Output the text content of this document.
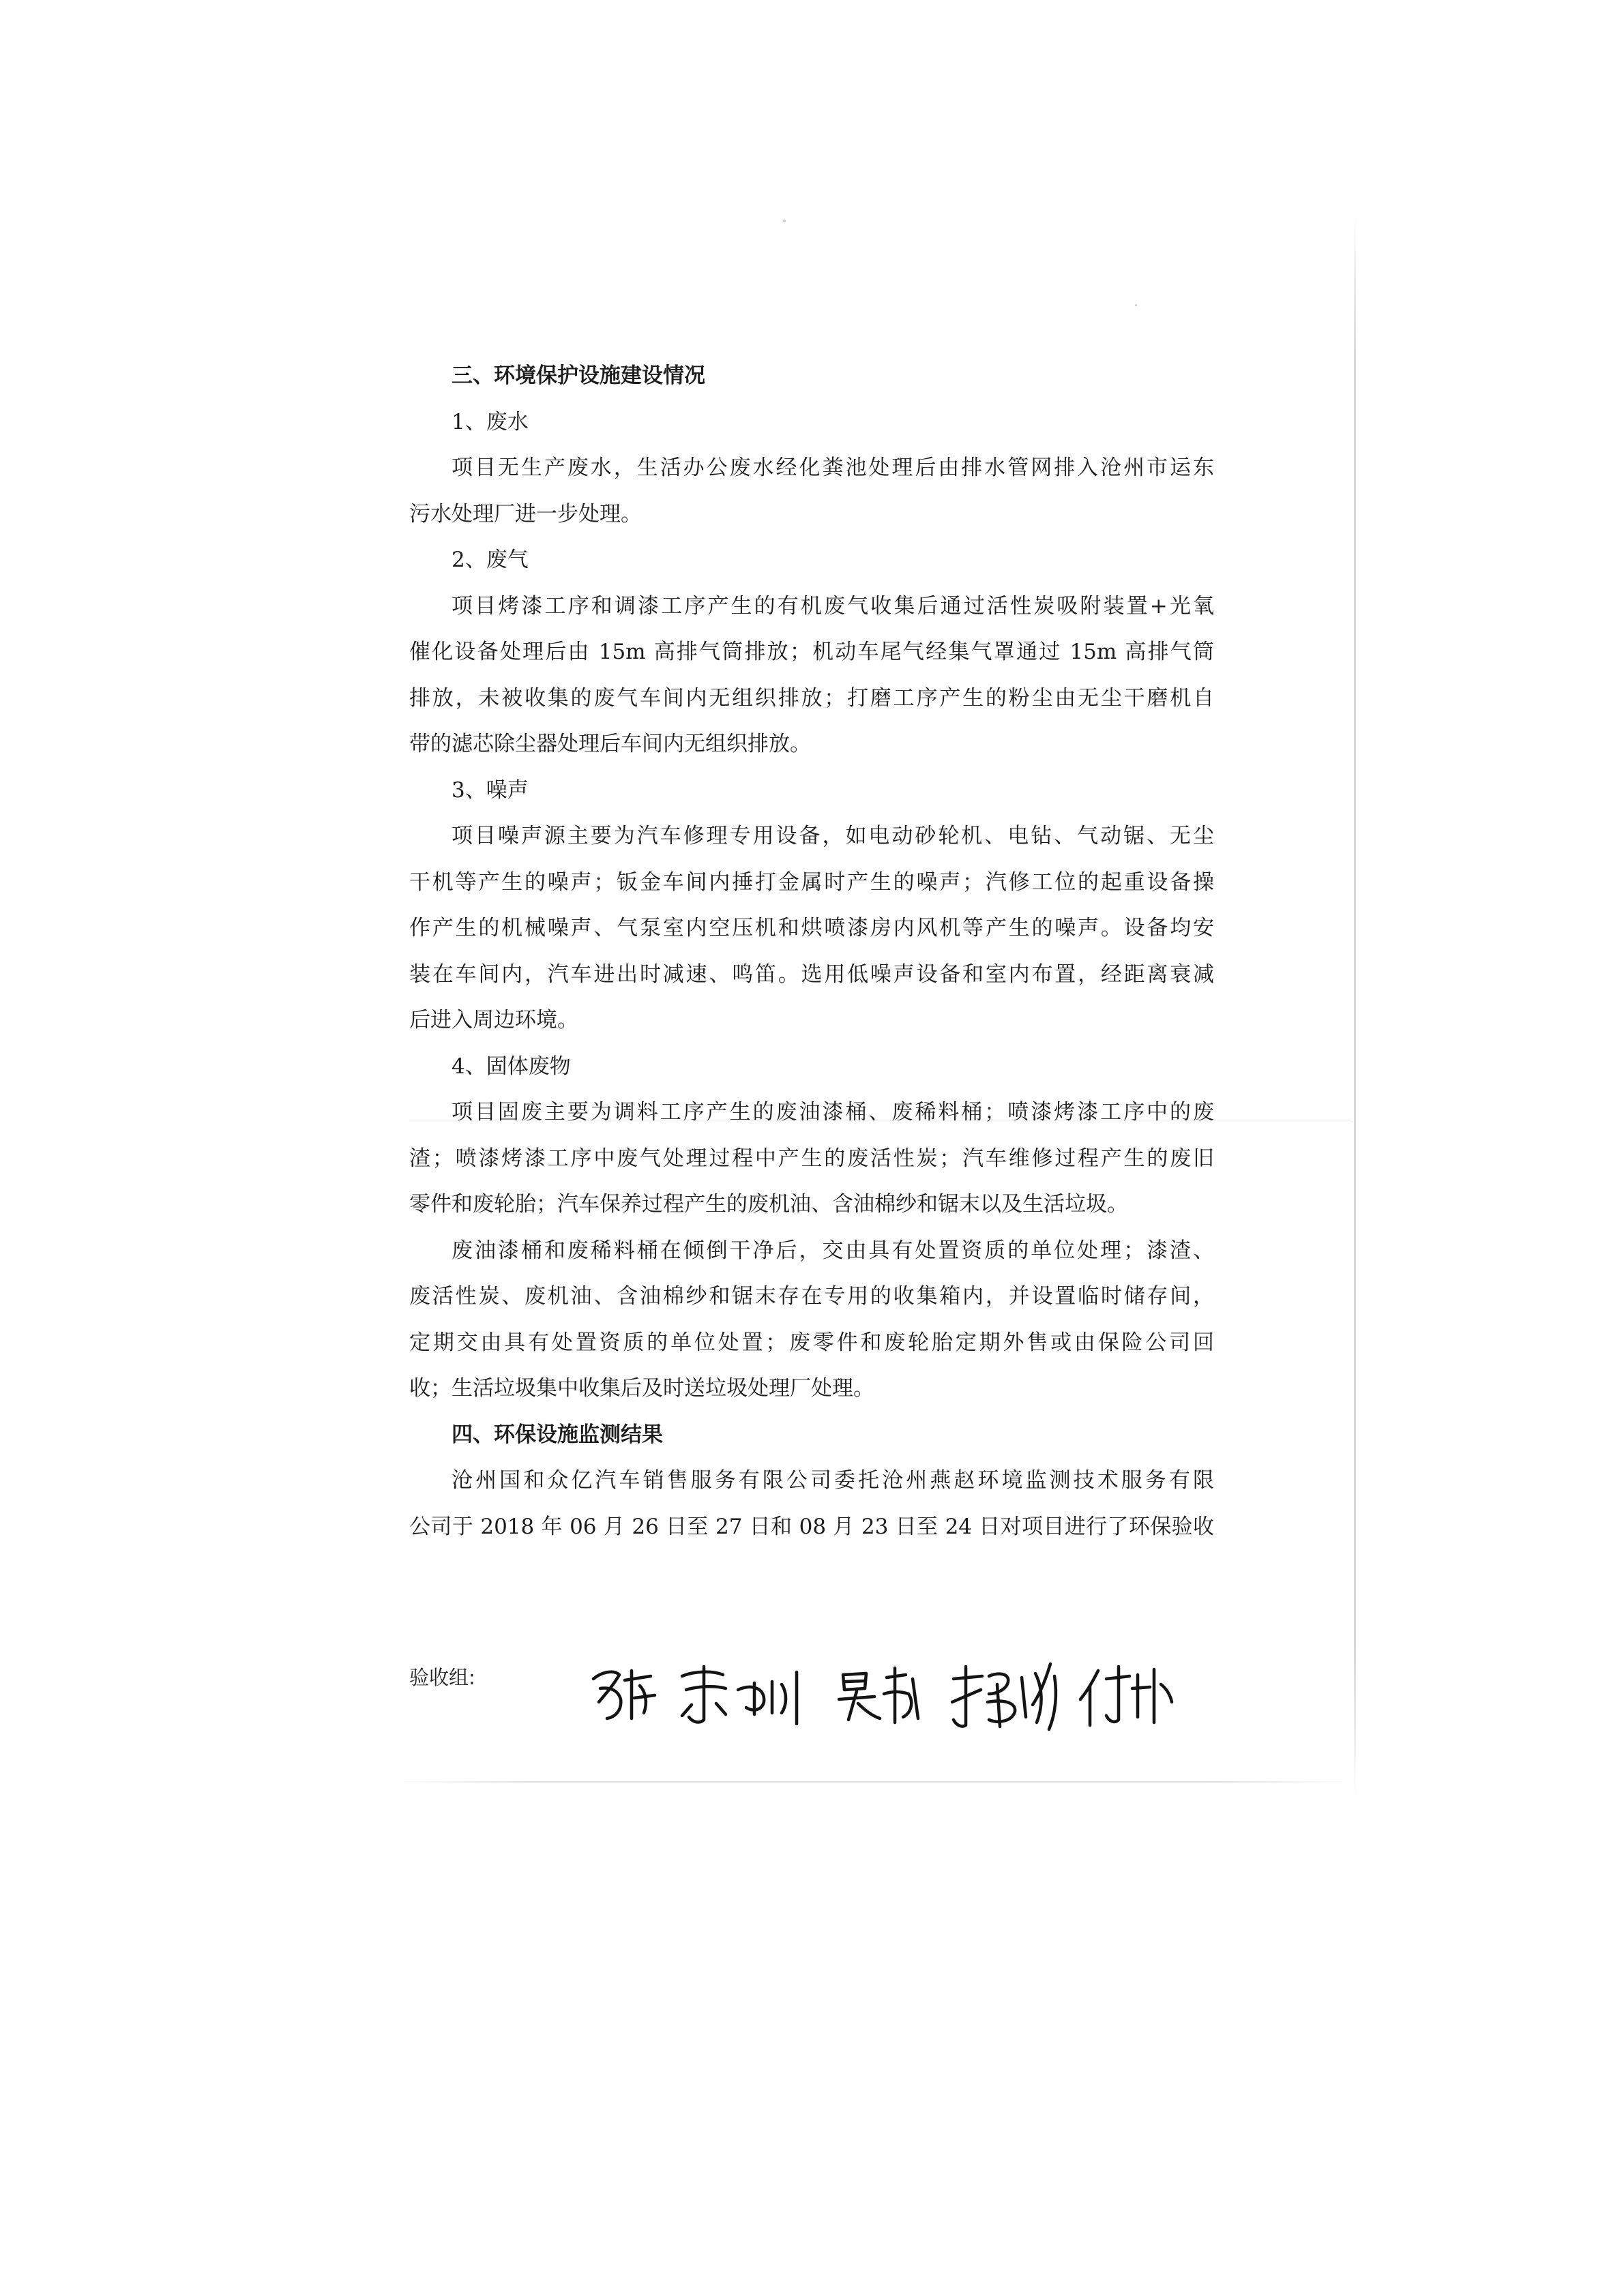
三、环境保护设施建设情况
1、废水
项目无生产废水，生活办公废水经化粪池处理后由排水管网排入沧州市运东
污水处理厂进一步处理。
2、废气
项目烤漆工序和调漆工序产生的有机废气收集后通过活性炭吸附装置+光氧
催化设备处理后由 15m 高排气筒排放；机动车尾气经集气罩通过 15m 高排气筒
排放，未被收集的废气车间内无组织排放；打磨工序产生的粉尘由无尘干磨机自
带的滤芯除尘器处理后车间内无组织排放。
3、噪声
项目噪声源主要为汽车修理专用设备，如电动砂轮机、电钻、气动锯、无尘
干机等产生的噪声；钣金车间内捶打金属时产生的噪声；汽修工位的起重设备操
作产生的机械噪声、气泵室内空压机和烘喷漆房内风机等产生的噪声。设备均安
装在车间内，汽车进出时减速、鸣笛。选用低噪声设备和室内布置，经距离衰减
后进入周边环境。
4、固体废物
项目固废主要为调料工序产生的废油漆桶、废稀料桶；喷漆烤漆工序中的废
渣；喷漆烤漆工序中废气处理过程中产生的废活性炭；汽车维修过程产生的废旧
零件和废轮胎；汽车保养过程产生的废机油、含油棉纱和锯末以及生活垃圾。
废油漆桶和废稀料桶在倾倒干净后，交由具有处置资质的单位处理；漆渣、
废活性炭、废机油、含油棉纱和锯末存在专用的收集箱内，并设置临时储存间，
定期交由具有处置资质的单位处置；废零件和废轮胎定期外售或由保险公司回
收；生活垃圾集中收集后及时送垃圾处理厂处理。
四、环保设施监测结果
沧州国和众亿汽车销售服务有限公司委托沧州燕赵环境监测技术服务有限
公司于 2018 年 06 月 26 日至 27 日和 08 月 23 日至 24 日对项目进行了环保验收
验收组:
